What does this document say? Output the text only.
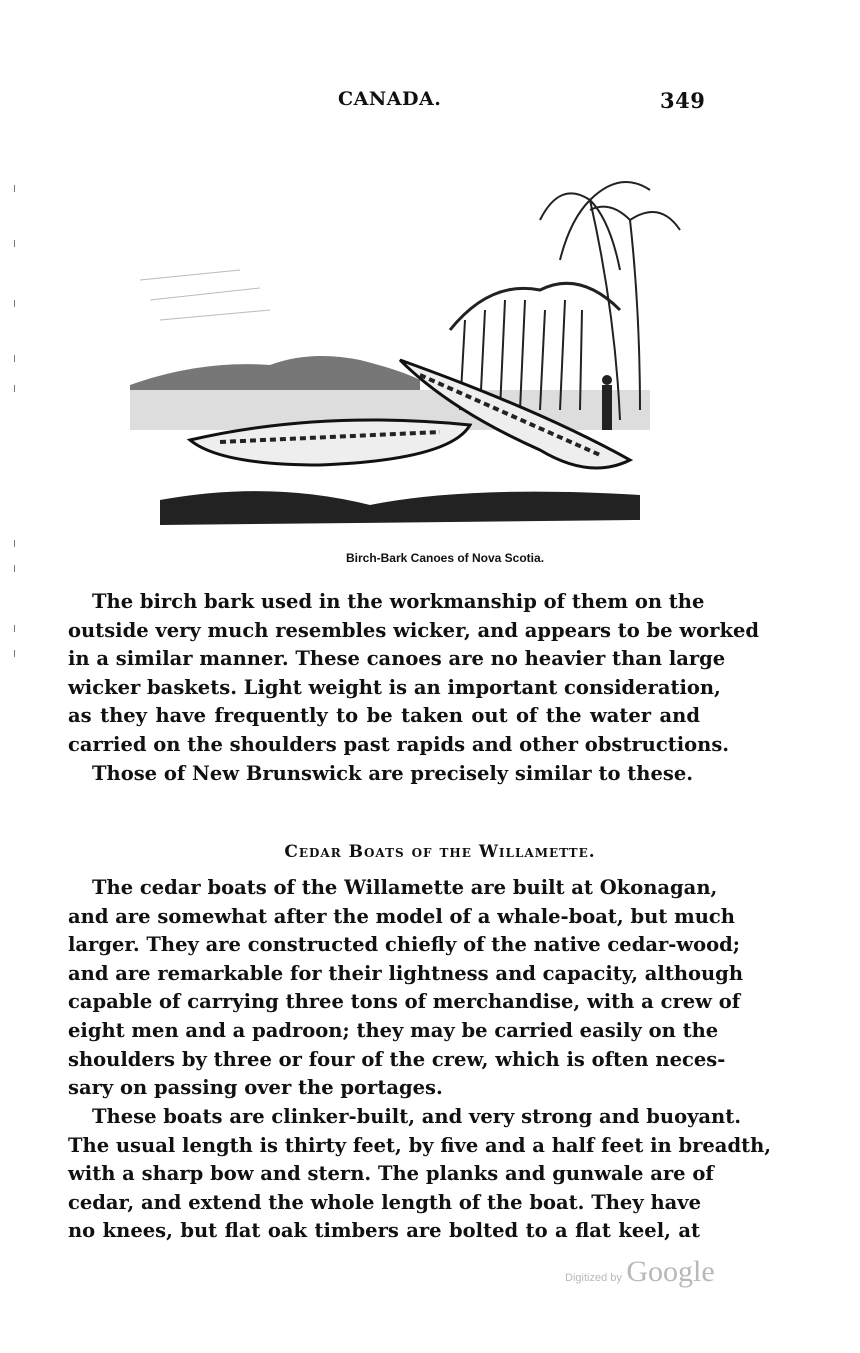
CANADA.	349
Birch-Bark Canoes of Nova Scotia.
The birch bark used in the workmanship of them on the
outside very much resembles wicker, and appears to be worked
in a similar manner. These canoes are no heavier than large
wicker baskets. Light weight is an important consideration,
as they have frequently to be taken out of the water and
carried on the shoulders past rapids and other obstructions.
Those of New Brunswick are precisely similar to these.
Cedar Boats of the Willamette.
The cedar boats of the Willamette are built at Okonagan,
and are somewhat after the model of a whale-boat, but much
larger. They are constructed chiefly of the native cedar-wood;
and are remarkable for their lightness and capacity, although
capable of carrying three tons of merchandise, with a crew of
eight men and a padroon; they may be carried easily on the
shoulders by three or four of the crew, which is often neces-
sary on passing over the portages.
These boats are clinker-built, and very strong and buoyant.
The usual length is thirty feet, by five and a half feet in breadth,
with a sharp bow and stern. The planks and gunwale are of
cedar, and extend the whole length of the boat. They have
no knees, but flat oak timbers are bolted to a flat keel, at
Digitized by Google
